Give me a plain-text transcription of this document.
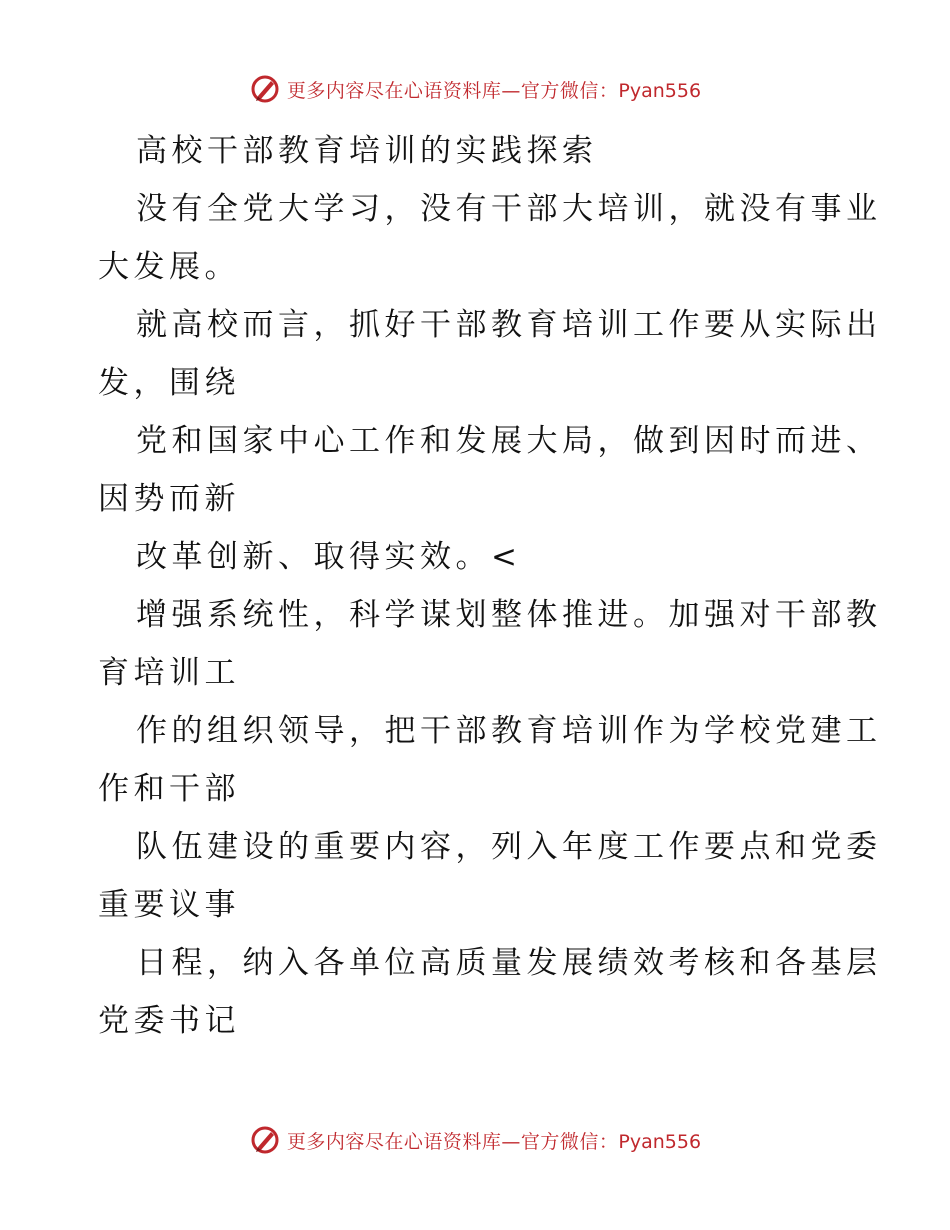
更多内容尽在心语资料库—官方微信：Pyan556

高校干部教育培训的实践探索

没有全党大学习，没有干部大培训，就没有事业
大发展。

就高校而言，抓好干部教育培训工作要从实际出
发，围绕

党和国家中心工作和发展大局，做到因时而进、
因势而新

改革创新、取得实效。<

增强系统性，科学谋划整体推进。加强对干部教
育培训工

作的组织领导，把干部教育培训作为学校党建工
作和干部

队伍建设的重要内容，列入年度工作要点和党委
重要议事

日程，纳入各单位高质量发展绩效考核和各基层
党委书记

更多内容尽在心语资料库—官方微信：Pyan556
